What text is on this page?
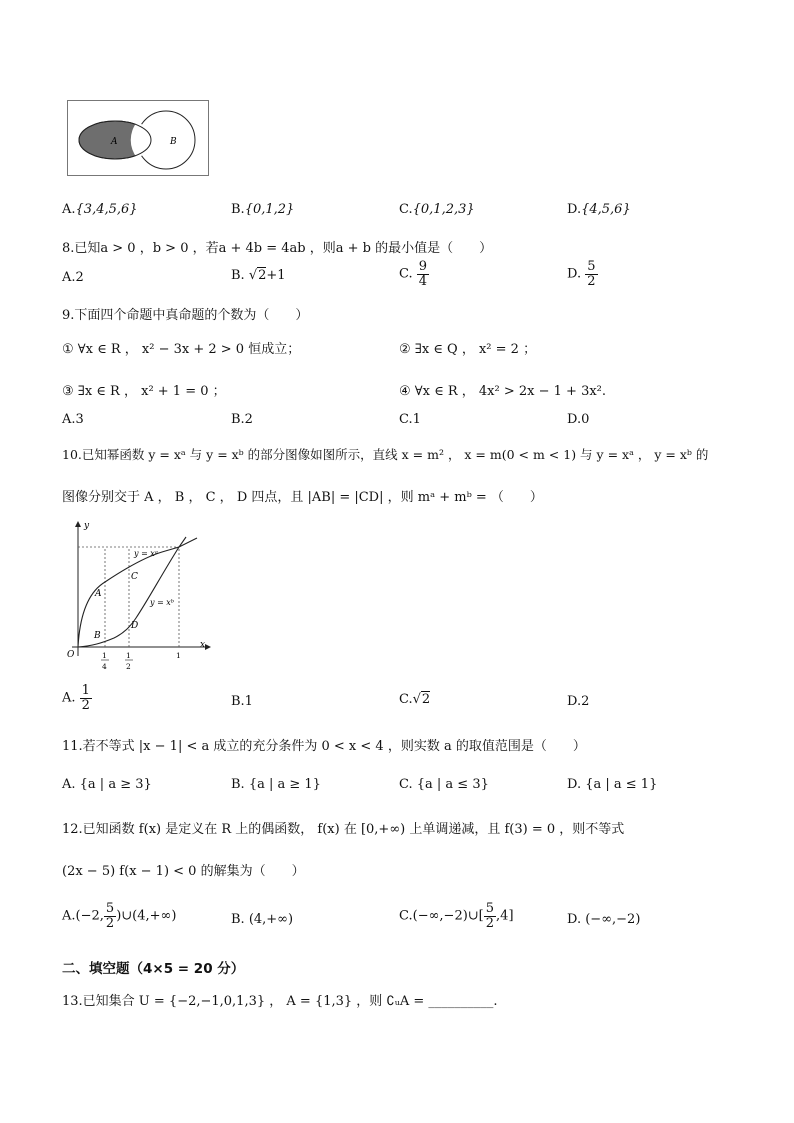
A	B
A.{3,4,5,6}	B.{0,1,2}	C.{0,1,2,3}	D.{4,5,6}
8.已知a > 0 ，b > 0 ，若a + 4b = 4ab ，则a + b 的最小值是（　　）
A.2	B. √2+1	C. $\frac{9}{4}$	D. $\frac{5}{2}$
9.下面四个命题中真命题的个数为（　　）
① ∀x ∈ R ， x² − 3x + 2 > 0 恒成立；	② ∃x ∈ Q ， x² = 2 ；
③ ∃x ∈ R ， x² + 1 = 0 ；	④ ∀x ∈ R ， 4x² > 2x − 1 + 3x².
A.3	B.2	C.1	D.0
10.已知幂函数 y = xᵃ 与 y = xᵇ 的部分图像如图所示，直线 x = m² ， x = m(0 < m < 1) 与 y = xᵃ ， y = xᵇ 的
图像分别交于 A ， B ， C ， D 四点，且 |AB| = |CD| ，则 mᵃ + mᵇ = （　　）
y
x
O
y = xᵃ
y = xᵇ
A
B
C
D
1
4
1
2
1
A. $\frac{1}{2}$	B.1	C.√2	D.2
11.若不等式 |x − 1| < a 成立的充分条件为 0 < x < 4 ，则实数 a 的取值范围是（　　）
A. {a | a ≥ 3}	B. {a | a ≥ 1}	C. {a | a ≤ 3}	D. {a | a ≤ 1}
12.已知函数 f(x) 是定义在 R 上的偶函数， f(x) 在 [0,+∞) 上单调递减，且 f(3) = 0 ，则不等式
(2x − 5) f(x − 1) < 0 的解集为（　　）
A.(−2, $\frac{5}{2}$ )∪(4,+∞)	B. (4,+∞)	C.(−∞,−2)∪[ $\frac{5}{2} ,4$]	D. (−∞,−2)
二、填空题（4×5 = 20 分）
13.已知集合 U = {−2,−1,0,1,3} ， A = {1,3} ，则 ∁ᵤA = __________.
